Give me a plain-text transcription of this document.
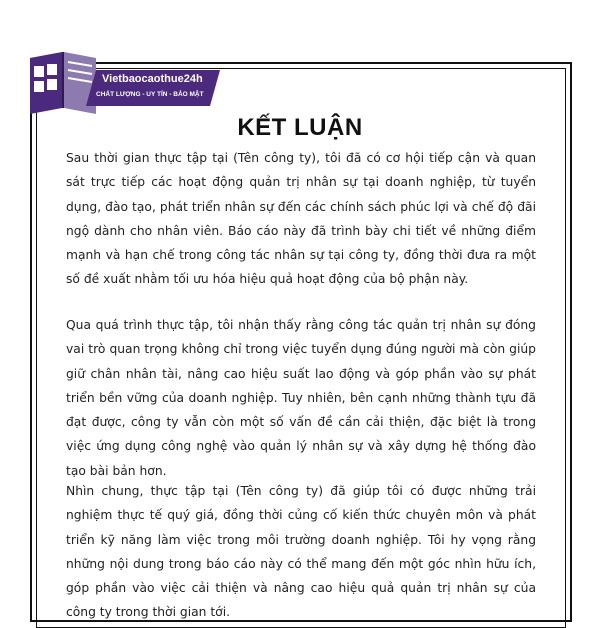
Vietbaocaothue24h
CHẤT LƯỢNG - UY TÍN - BẢO MẬT
KẾT LUẬN

Sau thời gian thực tập tại (Tên công ty), tôi đã có cơ hội tiếp cận và quan sát trực tiếp các hoạt động quản trị nhân sự tại doanh nghiệp, từ tuyển dụng, đào tạo, phát triển nhân sự đến các chính sách phúc lợi và chế độ đãi ngộ dành cho nhân viên. Báo cáo này đã trình bày chi tiết về những điểm mạnh và hạn chế trong công tác nhân sự tại công ty, đồng thời đưa ra một số đề xuất nhằm tối ưu hóa hiệu quả hoạt động của bộ phận này.

Qua quá trình thực tập, tôi nhận thấy rằng công tác quản trị nhân sự đóng vai trò quan trọng không chỉ trong việc tuyển dụng đúng người mà còn giúp giữ chân nhân tài, nâng cao hiệu suất lao động và góp phần vào sự phát triển bền vững của doanh nghiệp. Tuy nhiên, bên cạnh những thành tựu đã đạt được, công ty vẫn còn một số vấn đề cần cải thiện, đặc biệt là trong việc ứng dụng công nghệ vào quản lý nhân sự và xây dựng hệ thống đào tạo bài bản hơn.

Nhìn chung, thực tập tại (Tên công ty) đã giúp tôi có được những trải nghiệm thực tế quý giá, đồng thời củng cố kiến thức chuyên môn và phát triển kỹ năng làm việc trong môi trường doanh nghiệp. Tôi hy vọng rằng những nội dung trong báo cáo này có thể mang đến một góc nhìn hữu ích, góp phần vào việc cải thiện và nâng cao hiệu quả quản trị nhân sự của công ty trong thời gian tới.
